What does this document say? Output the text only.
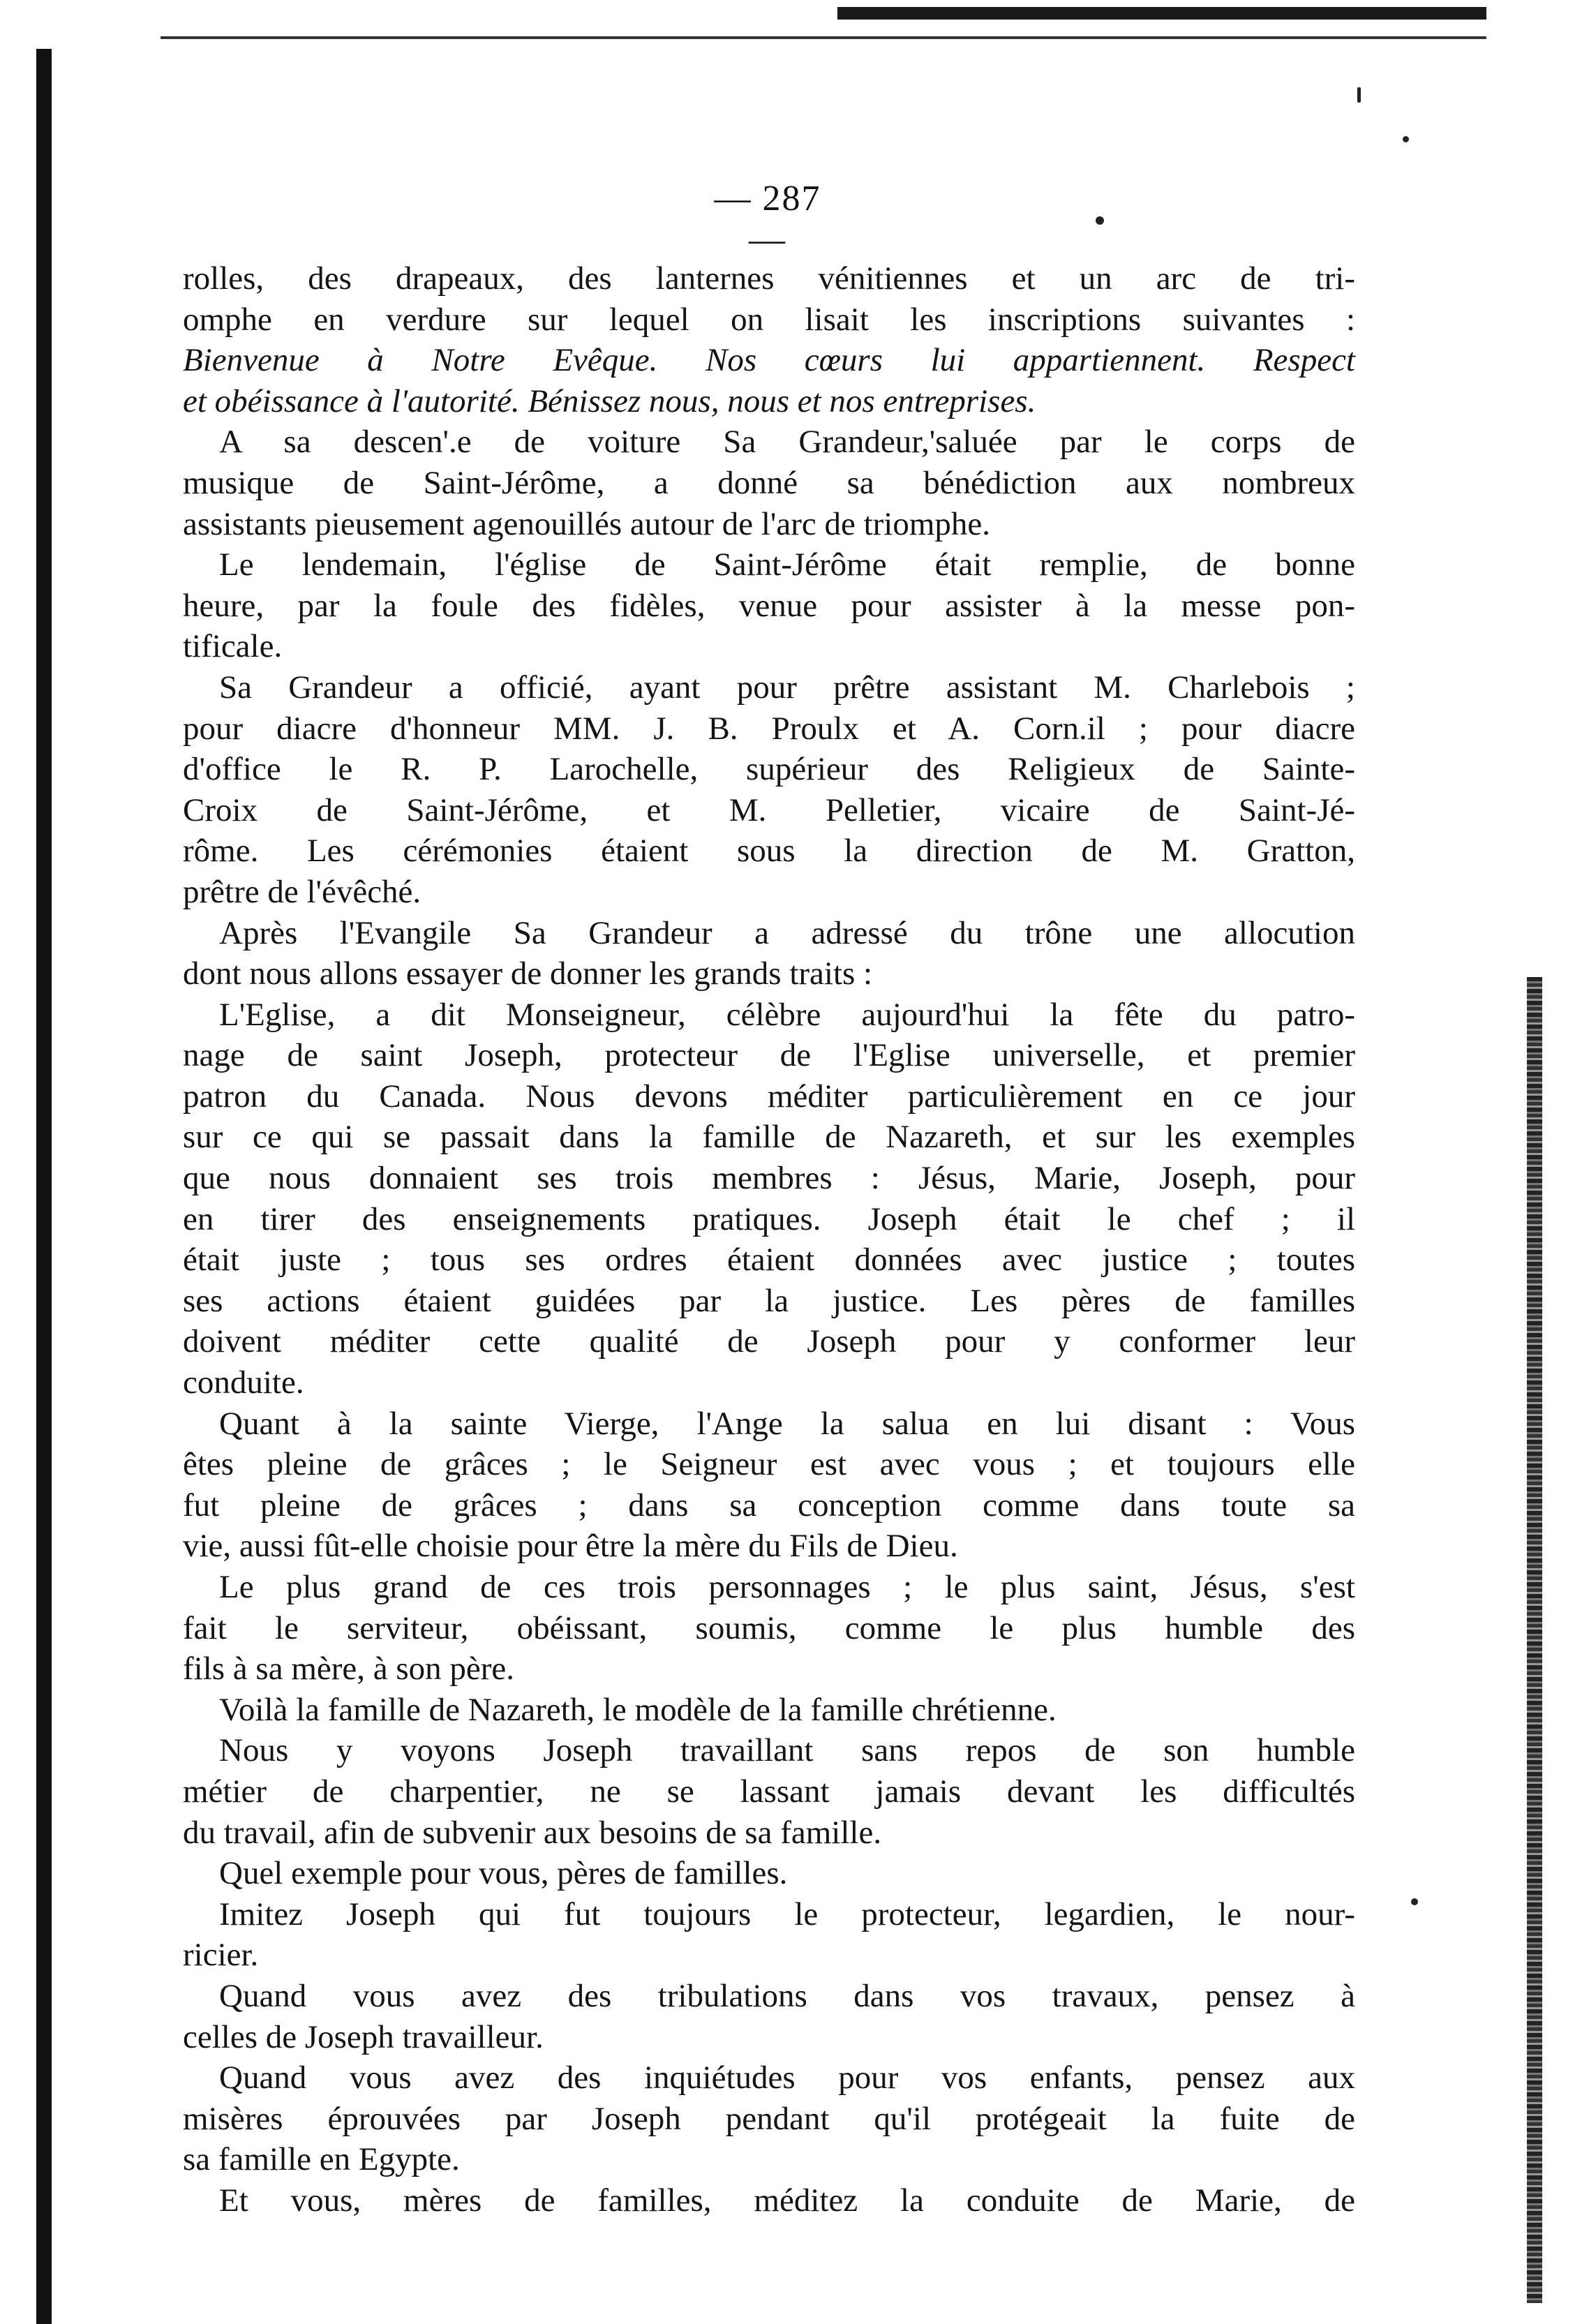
— 287 —

rolles, des drapeaux, des lanternes vénitiennes et un arc de tri-

omphe en verdure sur lequel on lisait les inscriptions suivantes :

Bienvenue à Notre Evêque. Nos cœurs lui appartiennent. Respect

et obéissance à l'autorité. Bénissez nous, nous et nos entreprises.

A sa descen'.e de voiture Sa Grandeur,'saluée par le corps de

musique de Saint-Jérôme, a donné sa bénédiction aux nombreux

assistants pieusement agenouillés autour de l'arc de triomphe.

Le lendemain, l'église de Saint-Jérôme était remplie, de bonne

heure, par la foule des fidèles, venue pour assister à la messe pon-

tificale.

Sa Grandeur a officié, ayant pour prêtre assistant M. Charlebois ;

pour diacre d'honneur MM. J. B. Proulx et A. Corn.il ; pour diacre

d'office le R. P. Larochelle, supérieur des Religieux de Sainte-

Croix de Saint-Jérôme, et M. Pelletier, vicaire de Saint-Jé-

rôme. Les cérémonies étaient sous la direction de M. Gratton,

prêtre de l'évêché.

Après l'Evangile Sa Grandeur a adressé du trône une allocution

dont nous allons essayer de donner les grands traits :

L'Eglise, a dit Monseigneur, célèbre aujourd'hui la fête du patro-

nage de saint Joseph, protecteur de l'Eglise universelle, et premier

patron du Canada. Nous devons méditer particulièrement en ce jour

sur ce qui se passait dans la famille de Nazareth, et sur les exemples

que nous donnaient ses trois membres : Jésus, Marie, Joseph, pour

en tirer des enseignements pratiques. Joseph était le chef ; il

était juste ; tous ses ordres étaient données avec justice ; toutes

ses actions étaient guidées par la justice. Les pères de familles

doivent méditer cette qualité de Joseph pour y conformer leur

conduite.

Quant à la sainte Vierge, l'Ange la salua en lui disant : Vous

êtes pleine de grâces ; le Seigneur est avec vous ; et toujours elle

fut pleine de grâces ; dans sa conception comme dans toute sa

vie, aussi fût-elle choisie pour être la mère du Fils de Dieu.

Le plus grand de ces trois personnages ; le plus saint, Jésus, s'est

fait le serviteur, obéissant, soumis, comme le plus humble des

fils à sa mère, à son père.

Voilà la famille de Nazareth, le modèle de la famille chrétienne.

Nous y voyons Joseph travaillant sans repos de son humble

métier de charpentier, ne se lassant jamais devant les difficultés

du travail, afin de subvenir aux besoins de sa famille.

Quel exemple pour vous, pères de familles.

Imitez Joseph qui fut toujours le protecteur, legardien, le nour-

ricier.

Quand vous avez des tribulations dans vos travaux, pensez à

celles de Joseph travailleur.

Quand vous avez des inquiétudes pour vos enfants, pensez aux

misères éprouvées par Joseph pendant qu'il protégeait la fuite de

sa famille en Egypte.

Et vous, mères de familles, méditez la conduite de Marie, de
